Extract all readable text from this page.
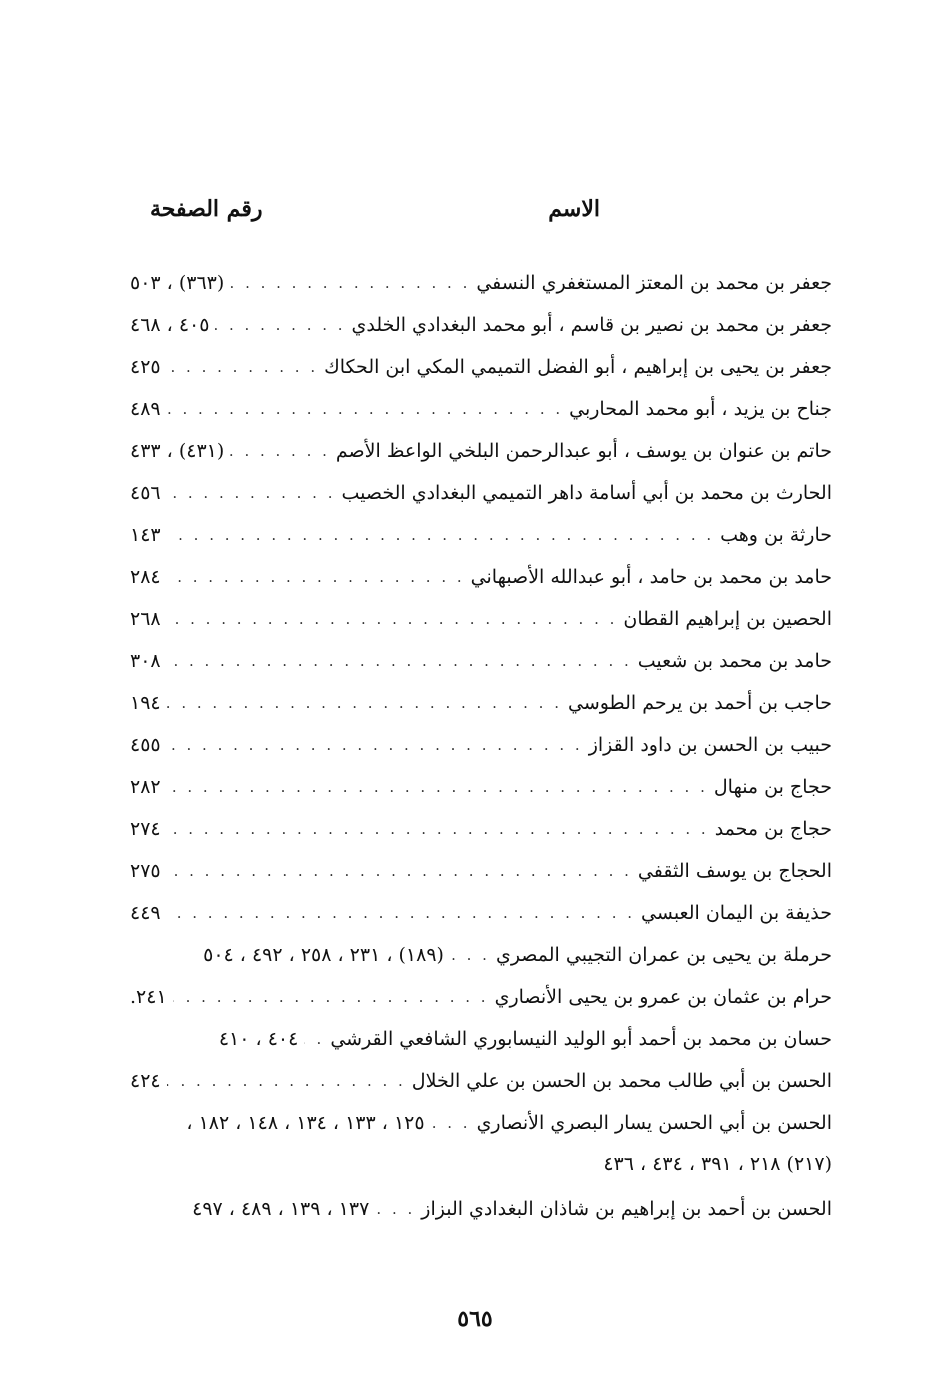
الاسم
رقم الصفحة
جعفر بن محمد بن المعتز المستغفري النسفي
. . .
(٣٦٣) ، ٥٠٣
جعفر بن محمد بن نصير بن قاسم ، أبو محمد البغدادي الخلدي
. . .
٤٠٥ ، ٤٦٨
جعفر بن يحيى بن إبراهيم ، أبو الفضل التميمي المكي ابن الحكاك
. . .
٤٢٥
جناح بن يزيد ، أبو محمد المحاربي
. . .
٤٨٩
حاتم بن عنوان بن يوسف ، أبو عبدالرحمن البلخي الواعظ الأصم
. . .
(٤٣١) ، ٤٣٣
الحارث بن محمد بن أبي أسامة داهر التميمي البغدادي الخصيب
. . .
٤٥٦
حارثة بن وهب
. . .
١٤٣
حامد بن محمد بن حامد ، أبو عبدالله الأصبهاني
. . .
٢٨٤
الحصين بن إبراهيم القطان
. . .
٢٦٨
حامد بن محمد بن شعيب
. . .
٣٠٨
حاجب بن أحمد بن يرحم الطوسي
. . .
١٩٤
حبيب بن الحسن بن داود القزاز
. . .
٤٥٥
حجاج بن منهال
. . .
٢٨٢
حجاج بن محمد
. . .
٢٧٤
الحجاج بن يوسف الثقفي
. . .
٢٧٥
حذيفة بن اليمان العبسي
. . .
٤٤٩
حرملة بن يحيى بن عمران التجيبي المصري
. . .
(١٨٩) ، ٢٣١ ، ٢٥٨ ، ٤٩٢ ، ٥٠٤
حرام بن عثمان بن عمرو بن يحيى الأنصاري
. . .
٢٤١.
حسان بن محمد بن أحمد أبو الوليد النيسابوري الشافعي القرشي
. . .
٤٠٤ ، ٤١٠
الحسن بن أبي طالب محمد بن الحسن بن علي الخلال
. . .
٤٢٤
الحسن بن أبي الحسن يسار البصري الأنصاري
. . .
١٢٥ ، ١٣٣ ، ١٣٤ ، ١٤٨ ، ١٨٢ ،
(٢١٧) ٢١٨ ، ٣٩١ ، ٤٣٤ ، ٤٣٦
الحسن بن أحمد بن إبراهيم بن شاذان البغدادي البزاز
. . .
١٣٧ ، ١٣٩ ، ٤٨٩ ، ٤٩٧
٥٦٥
